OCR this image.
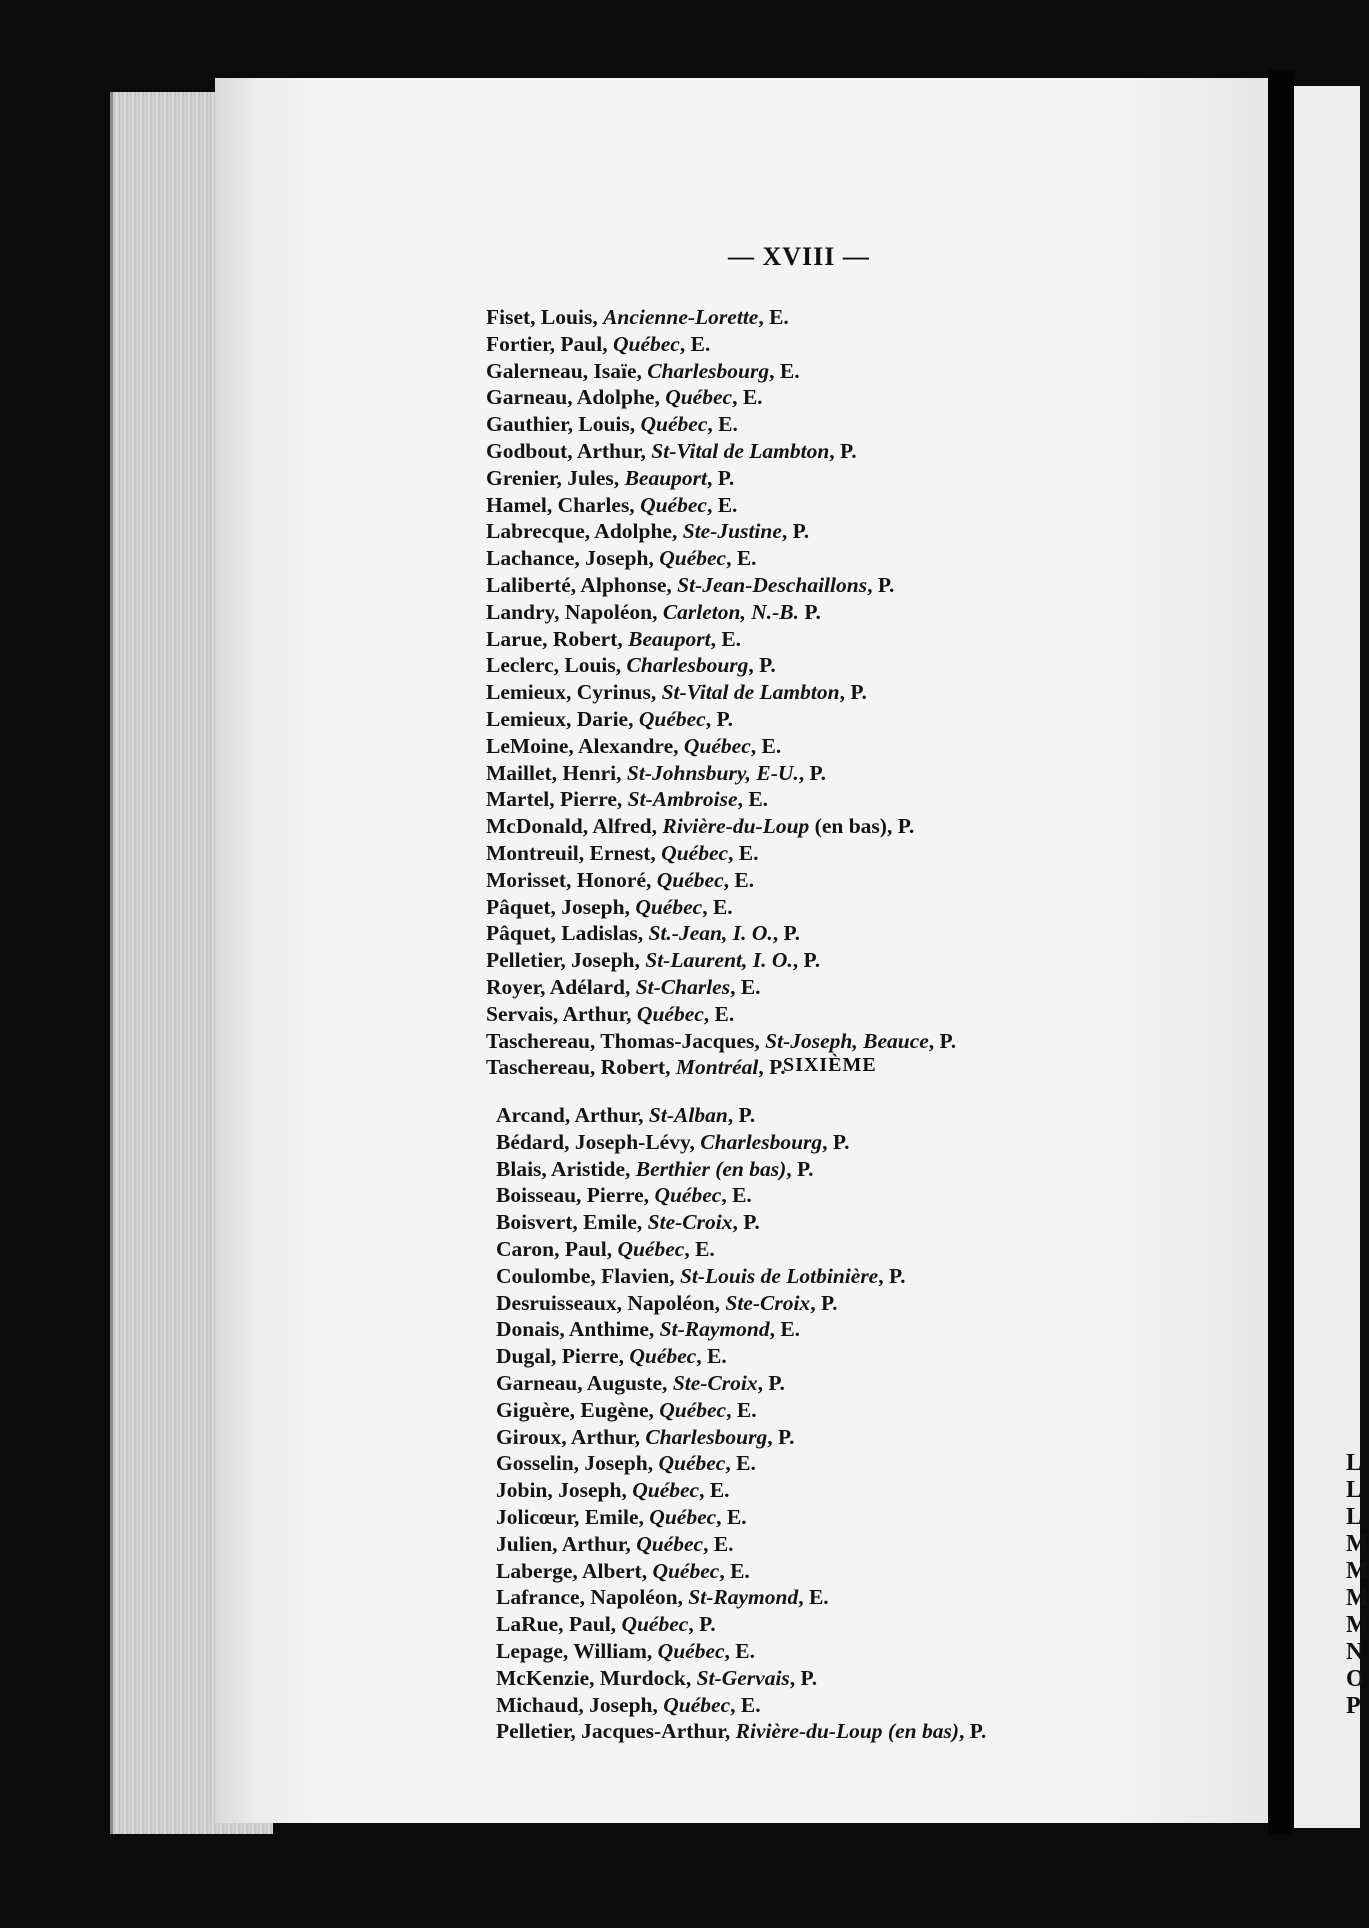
L
L
L
M
M
M
M
N
O
P
— XVIII —
Fiset, Louis, Ancienne-Lorette, E.
Fortier, Paul, Québec, E.
Galerneau, Isaïe, Charlesbourg, E.
Garneau, Adolphe, Québec, E.
Gauthier, Louis, Québec, E.
Godbout, Arthur, St-Vital de Lambton, P.
Grenier, Jules, Beauport, P.
Hamel, Charles, Québec, E.
Labrecque, Adolphe, Ste-Justine, P.
Lachance, Joseph, Québec, E.
Laliberté, Alphonse, St-Jean-Deschaillons, P.
Landry, Napoléon, Carleton, N.-B. P.
Larue, Robert, Beauport, E.
Leclerc, Louis, Charlesbourg, P.
Lemieux, Cyrinus, St-Vital de Lambton, P.
Lemieux, Darie, Québec, P.
LeMoine, Alexandre, Québec, E.
Maillet, Henri, St-Johnsbury, E-U., P.
Martel, Pierre, St-Ambroise, E.
McDonald, Alfred, Rivière-du-Loup (en bas), P.
Montreuil, Ernest, Québec, E.
Morisset, Honoré, Québec, E.
Pâquet, Joseph, Québec, E.
Pâquet, Ladislas, St.-Jean, I. O., P.
Pelletier, Joseph, St-Laurent, I. O., P.
Royer, Adélard, St-Charles, E.
Servais, Arthur, Québec, E.
Taschereau, Thomas-Jacques, St-Joseph, Beauce, P.
Taschereau, Robert, Montréal, P.
SIXIÈME
Arcand, Arthur, St-Alban, P.
Bédard, Joseph-Lévy, Charlesbourg, P.
Blais, Aristide, Berthier (en bas), P.
Boisseau, Pierre, Québec, E.
Boisvert, Emile, Ste-Croix, P.
Caron, Paul, Québec, E.
Coulombe, Flavien, St-Louis de Lotbinière, P.
Desruisseaux, Napoléon, Ste-Croix, P.
Donais, Anthime, St-Raymond, E.
Dugal, Pierre, Québec, E.
Garneau, Auguste, Ste-Croix, P.
Giguère, Eugène, Québec, E.
Giroux, Arthur, Charlesbourg, P.
Gosselin, Joseph, Québec, E.
Jobin, Joseph, Québec, E.
Jolicœur, Emile, Québec, E.
Julien, Arthur, Québec, E.
Laberge, Albert, Québec, E.
Lafrance, Napoléon, St-Raymond, E.
LaRue, Paul, Québec, P.
Lepage, William, Québec, E.
McKenzie, Murdock, St-Gervais, P.
Michaud, Joseph, Québec, E.
Pelletier, Jacques-Arthur, Rivière-du-Loup (en bas), P.
